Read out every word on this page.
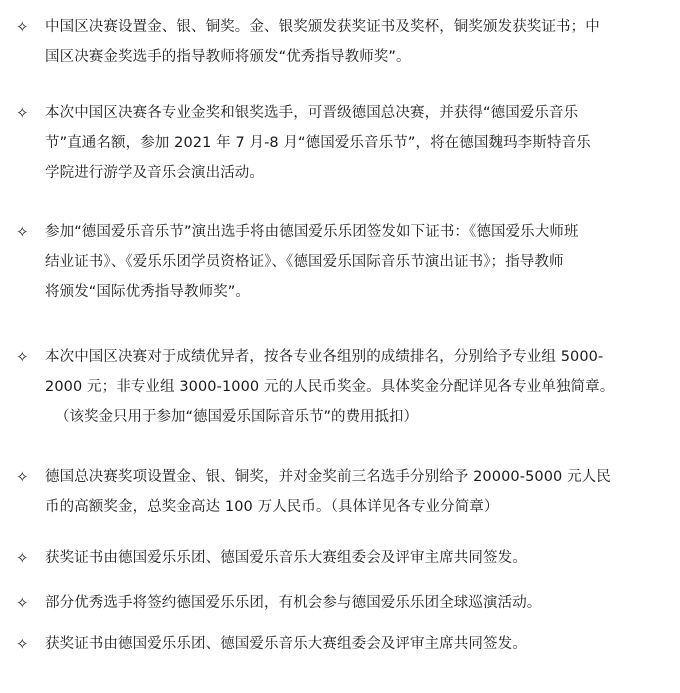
✧ 中国区决赛设置金、银、铜奖。金、银奖颁发获奖证书及奖杯，铜奖颁发获奖证书；中
国区决赛金奖选手的指导教师将颁发“优秀指导教师奖”。
✧ 本次中国区决赛各专业金奖和银奖选手，可晋级德国总决赛，并获得“德国爱乐音乐
节”直通名额，参加 2021 年 7 月-8 月“德国爱乐音乐节”，将在德国魏玛李斯特音乐
学院进行游学及音乐会演出活动。
✧ 参加“德国爱乐音乐节”演出选手将由德国爱乐乐团签发如下证书：《德国爱乐大师班
结业证书》、《爱乐乐团学员资格证》、《德国爱乐国际音乐节演出证书》；指导教师
将颁发“国际优秀指导教师奖”。
✧ 本次中国区决赛对于成绩优异者，按各专业各组别的成绩排名，分别给予专业组 5000-
2000 元；非专业组 3000-1000 元的人民币奖金。具体奖金分配详见各专业单独简章。
（该奖金只用于参加“德国爱乐国际音乐节”的费用抵扣）
✧ 德国总决赛奖项设置金、银、铜奖，并对金奖前三名选手分别给予 20000-5000 元人民
币的高额奖金，总奖金高达 100 万人民币。（具体详见各专业分简章）
✧ 获奖证书由德国爱乐乐团、德国爱乐音乐大赛组委会及评审主席共同签发。
✧ 部分优秀选手将签约德国爱乐乐团，有机会参与德国爱乐乐团全球巡演活动。
✧ 获奖证书由德国爱乐乐团、德国爱乐音乐大赛组委会及评审主席共同签发。
